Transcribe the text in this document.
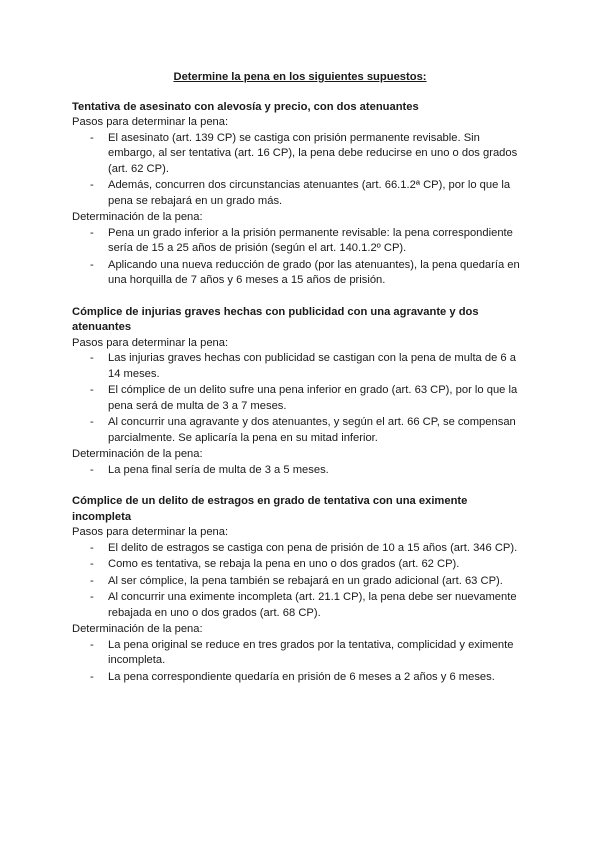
Determine la pena en los siguientes supuestos:

Tentativa de asesinato con alevosía y precio, con dos atenuantes

Pasos para determinar la pena:

- El asesinato (art. 139 CP) se castiga con prisión permanente revisable. Sin embargo, al ser tentativa (art. 16 CP), la pena debe reducirse en uno o dos grados (art. 62 CP).
- Además, concurren dos circunstancias atenuantes (art. 66.1.2ª CP), por lo que la pena se rebajará en un grado más.

Determinación de la pena:

- Pena un grado inferior a la prisión permanente revisable: la pena correspondiente sería de 15 a 25 años de prisión (según el art. 140.1.2º CP).
- Aplicando una nueva reducción de grado (por las atenuantes), la pena quedaría en una horquilla de 7 años y 6 meses a 15 años de prisión.

Cómplice de injurias graves hechas con publicidad con una agravante y dos atenuantes

Pasos para determinar la pena:

- Las injurias graves hechas con publicidad se castigan con la pena de multa de 6 a 14 meses.
- El cómplice de un delito sufre una pena inferior en grado (art. 63 CP), por lo que la pena será de multa de 3 a 7 meses.
- Al concurrir una agravante y dos atenuantes, y según el art. 66 CP, se compensan parcialmente. Se aplicaría la pena en su mitad inferior.

Determinación de la pena:

- La pena final sería de multa de 3 a 5 meses.

Cómplice de un delito de estragos en grado de tentativa con una eximente incompleta

Pasos para determinar la pena:

- El delito de estragos se castiga con pena de prisión de 10 a 15 años (art. 346 CP).
- Como es tentativa, se rebaja la pena en uno o dos grados (art. 62 CP).
- Al ser cómplice, la pena también se rebajará en un grado adicional (art. 63 CP).
- Al concurrir una eximente incompleta (art. 21.1 CP), la pena debe ser nuevamente rebajada en uno o dos grados (art. 68 CP).

Determinación de la pena:

- La pena original se reduce en tres grados por la tentativa, complicidad y eximente incompleta.
- La pena correspondiente quedaría en prisión de 6 meses a 2 años y 6 meses.
